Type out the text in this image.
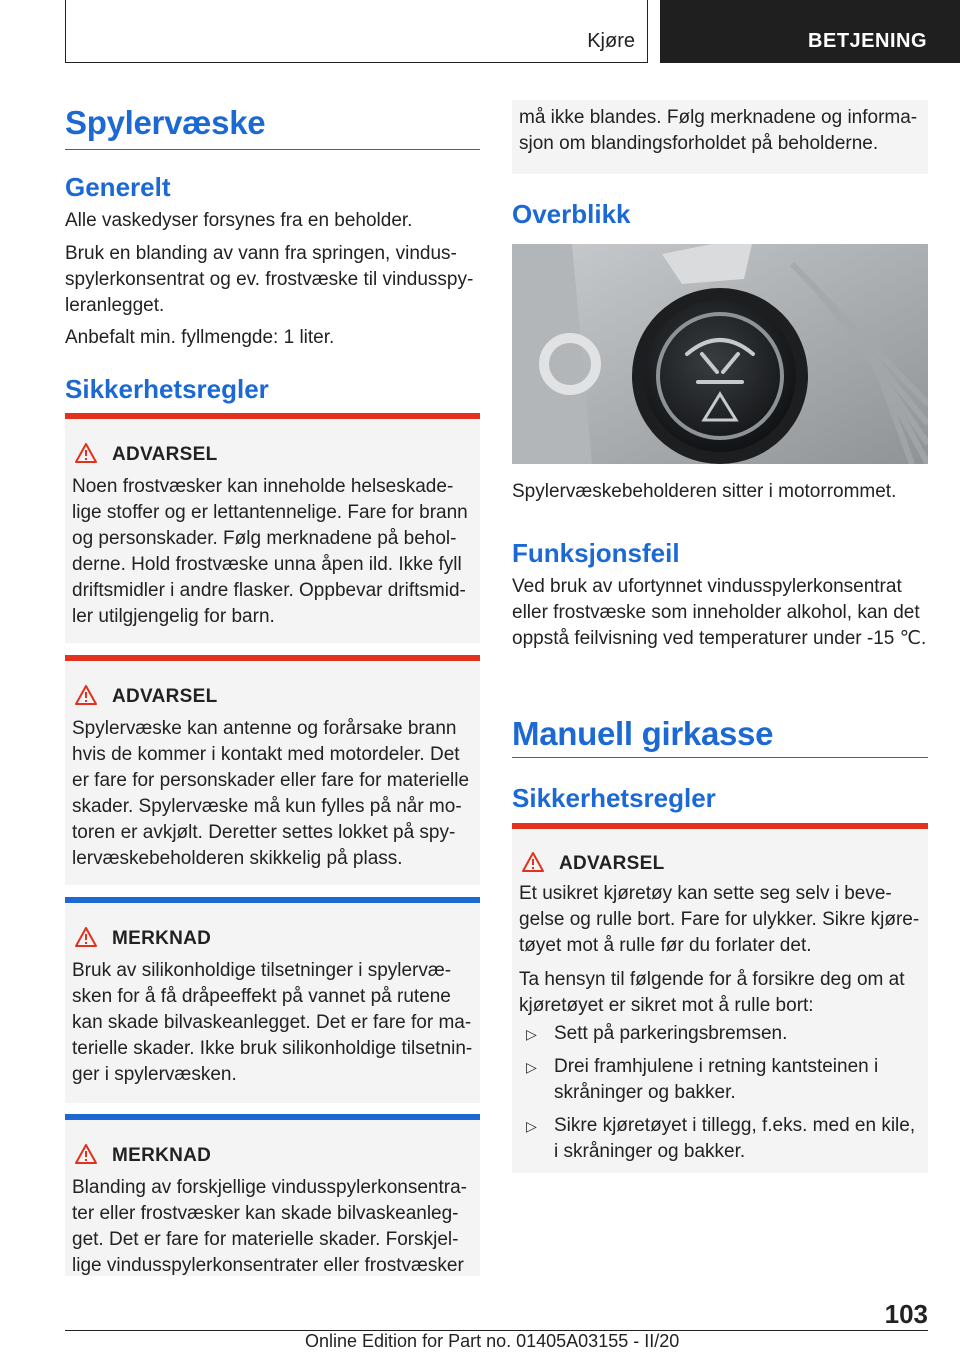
Kjøre	BETJENING
Spylervæske
Generelt
Alle vaskedyser forsynes fra en beholder.
Bruk en blanding av vann fra springen, vindus-spylerkonsentrat og ev. frostvæske til vindusspy-leranlegget.
Anbefalt min. fyllmengde: 1 liter.
Sikkerhetsregler
ADVARSEL
Noen frostvæsker kan inneholde helseskade-lige stoffer og er lettantennelige. Fare for brann og personskader. Følg merknadene på behol-derne. Hold frostvæske unna åpen ild. Ikke fyll driftsmidler i andre flasker. Oppbevar driftsmid-ler utilgjengelig for barn.
ADVARSEL
Spylervæske kan antenne og forårsake brann hvis de kommer i kontakt med motordeler. Det er fare for personskader eller fare for materielle skader. Spylervæske må kun fylles på når mo-toren er avkjølt. Deretter settes lokket på spy-lervæskebeholderen skikkelig på plass.
MERKNAD
Bruk av silikonholdige tilsetninger i spylervæ-sken for å få dråpeeffekt på vannet på rutene kan skade bilvaskeanlegget. Det er fare for ma-terielle skader. Ikke bruk silikonholdige tilsetnin-ger i spylervæsken.
MERKNAD
Blanding av forskjellige vindusspylerkonsentra-ter eller frostvæsker kan skade bilvaskeanleg-get. Det er fare for materielle skader. Forskjel-lige vindusspylerkonsentrater eller frostvæsker
må ikke blandes. Følg merknadene og informa-sjon om blandingsforholdet på beholderne.
Overblikk
Spylervæskebeholderen sitter i motorrommet.
Funksjonsfeil
Ved bruk av ufortynnet vindusspylerkonsentrat eller frostvæske som inneholder alkohol, kan det oppstå feilvisning ved temperaturer under -15 ℃.
Manuell girkasse
Sikkerhetsregler
ADVARSEL
Et usikret kjøretøy kan sette seg selv i beve-gelse og rulle bort. Fare for ulykker. Sikre kjøre-tøyet mot å rulle før du forlater det.
Ta hensyn til følgende for å forsikre deg om at kjøretøyet er sikret mot å rulle bort:
▷ Sett på parkeringsbremsen.
▷ Drei framhjulene i retning kantsteinen i skråninger og bakker.
▷ Sikre kjøretøyet i tillegg, f.eks. med en kile, i skråninger og bakker.
103
Online Edition for Part no. 01405A03155 - II/20
